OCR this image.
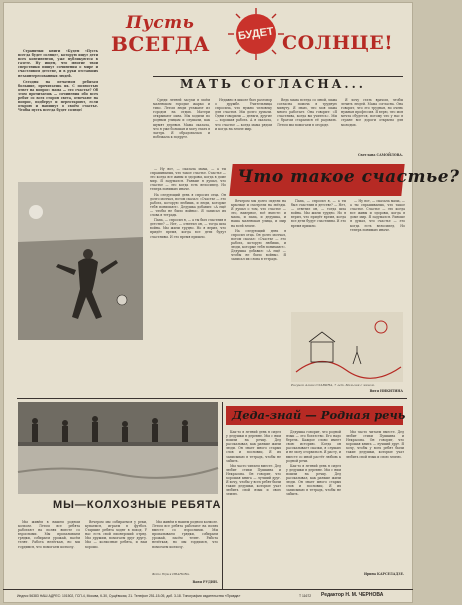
Пусть
ВСЕГДА БУДЕТ СОЛНЦЕ!

Странички книги «Будем «Пусть всегда будет солнце», которую ищут дети всех континентов, уже публикуются в газете. Ну ищем, что многие твои сверстники пишут сочинения о мире и счастливом детстве, и в руки отставших незаинтересованных людей.

Сегодня на печатном ребятам большие, прочитаешь их. С полностью ответ на вопрос: мама — это счастье? Об этом прочитаешь — сочинения обо всех ребят со всех сторон света, отвечают на вопрос, подберут и переоткроют, если открою и напишут о своём счастье. Чтобы пусть всегда будет солнце!

МАТЬ СОГЛАСНА...

Среди летней засухи в моём маленьком городке жарко и тихо. Летом люди уезжают из городов на отдых. Матери открывают окна. Мы ходили по родным улицам и слушали, как шумят деревья. Мама сказала, что я уже большая и могу ехать в лагерь. Я обрадовалась и побежала к подруге.

Недавно в школе был разговор о дружбе. Учительница спросила, что нужно человеку для счастья. Мы долго думали. Одни говорили — деньги, другие — хорошая работа. А я сказала, что счастье — когда мама рядом и когда на земле мир.

Ведь мама всегда со мной, мама согласна помочь в трудную минуту. Я знаю, что моя мама много работает. Она говорит: «Я счастлива, когда вы учитесь». Мы с братом стараемся её радовать. Летом мы помогаем в огороде.

Я хочу стать врачом, чтобы лечить людей. Мама согласна. Она говорит, что это трудная, но очень нужная профессия. Я верю, что моя мечта сбудется, потому что у нас в стране все дороги открыты для молодых.

Светлана САМОЙЛОВА.
Что такое счастье?

— Ну вот, — сказала мама, — а ты спрашиваешь, что такое счастье. Счастье — это когда все живы и здоровы, когда в доме мир. Я задумался. Раньше я думал, что счастье — это когда есть велосипед. Но теперь понимаю иначе.

На следующий день я спросил отца. Он долго молчал, потом сказал: «Счастье — это работа, которую любишь, и люди, которые тебя понимают». Дедушка добавил: «А ещё — чтобы не было войны». Я записал их слова в тетрадь.

Папа, — спросил я, — а ты был счастлив в детстве? — Нет, — ответил он, — тогда шла война. Мы жили трудно. Но я верил, что придёт время, когда все дети будут счастливы. И это время пришло.

Вечером мы долго сидели на крыльце и смотрели на звёзды. Я думал о том, что счастье — это, наверное, всё вместе: и мама, и папа, и дедушка, и наша маленькая улица, и мир на всей земле.

На следующий день я спросил отца. Он долго молчал, потом сказал: «Счастье — это работа, которую любишь, и люди, которые тебя понимают». Дедушка добавил: «А ещё — чтобы не было войны». Я записал их слова в тетрадь.

Папа, — спросил я, — а ты был счастлив в детстве? — Нет, — ответил он, — тогда шла война. Мы жили трудно. Но я верил, что придёт время, когда все дети будут счастливы. И это время пришло.

— Ну вот, — сказала мама, — а ты спрашиваешь, что такое счастье. Счастье — это когда все живы и здоровы, когда в доме мир. Я задумался. Раньше я думал, что счастье — это когда есть велосипед. Но теперь понимаю иначе.

Рисунок Алика СЛАВИНА, 7 лет. Мальчик с мячом.
Витя НИКИТИНА
Деда-знай — Родная речь

Как-то в летний день я сидел у дедушки в деревне. Мы с ним пошли на речку. Дед рассказывал, как раньше жили люди. Он знает много старых слов и пословиц. Я их записываю в тетрадь, чтобы не забыть.

Мы часто читаем вместе. Дед любит стихи Пушкина и Некрасова. Он говорит, что хорошая книга — лучший друг. Я хочу, чтобы у всех ребят были такие дедушки, которые учат любить свой язык и свою землю.

Дедушка говорит, что родной язык — это богатство. Его надо беречь. Каждое слово имеет свою историю. Когда он рассказывает сказки, я слушаю и не могу оторваться. Я расту, и вместе со мной растёт любовь к родной речи.

Как-то в летний день я сидел у дедушки в деревне. Мы с ним пошли на речку. Дед рассказывал, как раньше жили люди. Он знает много старых слов и пословиц. Я их записываю в тетрадь, чтобы не забыть.

Мы часто читаем вместе. Дед любит стихи Пушкина и Некрасова. Он говорит, что хорошая книга — лучший друг. Я хочу, чтобы у всех ребят были такие дедушки, которые учат любить свой язык и свою землю.

Ирина КАРСЕЛАДЗЕ.
МЫ—КОЛХОЗНЫЕ РЕБЯТА

Мы живём в нашем родном колхозе. Летом все ребята работают на полях вместе со взрослыми. Мы пропалываем грядки, собираем урожай, пасём телят. Работа нелёгкая, но мы гордимся, что помогаем колхозу.

Вечером мы собираемся у реки, купаемся, играем в футбол. Старшие ребята ходят в поход. У нас есть свой пионерский отряд. Мы дружим, помогаем друг другу. Мы — колхозные ребята, и нам хорошо.

Мы живём в нашем родном колхозе. Летом все ребята работают на полях вместе со взрослыми. Мы пропалываем грядки, собираем урожай, пасём телят. Работа нелёгкая, но мы гордимся, что помогаем колхозу.

Фото Юрия ИВАНОВА.
Ваня РУДИН.
Индекс 56383 НАШ АДРЕС: 101502, ГСП-4, Москва, К-30, Сущёвская, 21. Телефон 251-15-05, доб. 3-18. Типография издательства «Правда»	Т 11672 Редактор Н. М. ЧЕРНОВА
